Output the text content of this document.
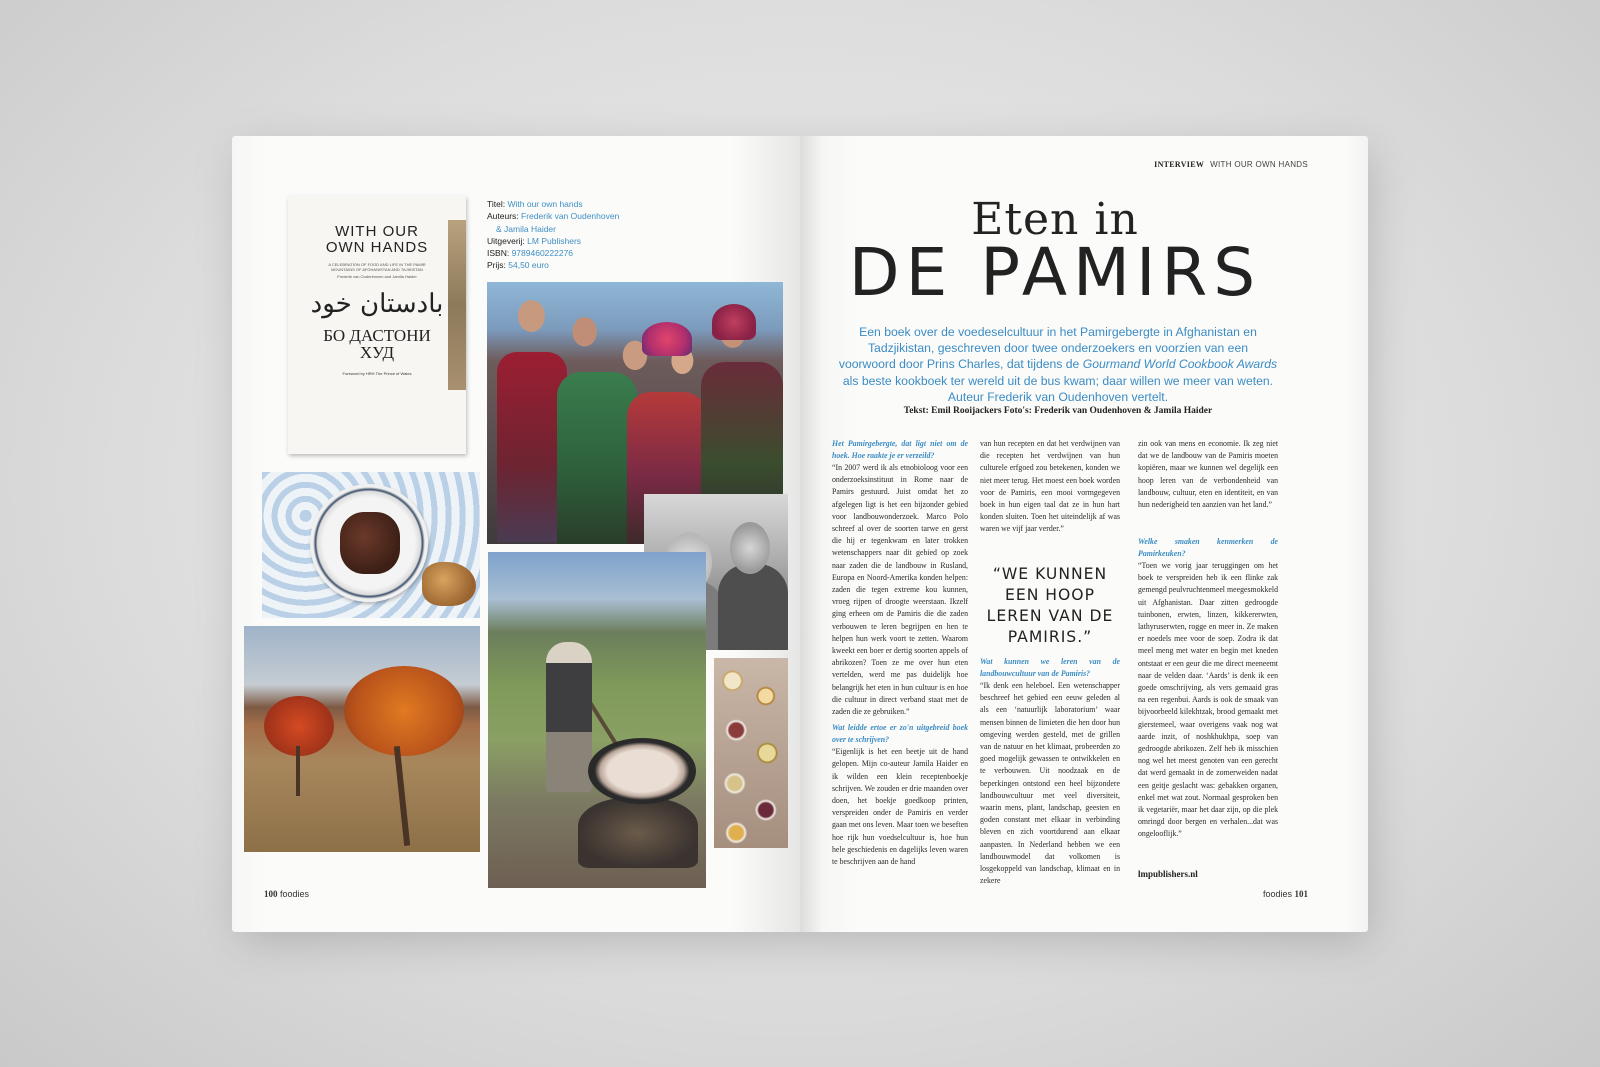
WITH OUR
OWN HANDS
A CELEBRATION OF FOOD AND LIFE IN THE PAMIR MOUNTAINS OF AFGHANISTAN AND TAJIKISTAN
Frederik van Oudenhoven and Jamila Haider
بادستان خود
БО ДАСТОНИ
ХУД
Foreword by HRH The Prince of Wales
Titel: With our own hands
Auteurs: Frederik van Oudenhoven
& Jamila Haider
Uitgeverij: LM Publishers
ISBN: 9789460222276
Prijs: 54,50 euro
100 foodies
INTERVIEW WITH OUR OWN HANDS
Eten in
DE PAMIRS
Een boek over de voedeselcultuur in het Pamirgebergte in Afghanistan en Tadzjikistan, geschreven door twee onderzoekers en voorzien van een voorwoord door Prins Charles, dat tijdens de Gourmand World Cookbook Awards als beste kookboek ter wereld uit de bus kwam; daar willen we meer van weten. Auteur Frederik van Oudenhoven vertelt.
Tekst: Emil Rooijackers Foto's: Frederik van Oudenhoven & Jamila Haider
Het Pamirgebergte, dat ligt niet om de hoek. Hoe raakte je er verzeild?

“In 2007 werd ik als etnobioloog voor een onderzoeksinstituut in Rome naar de Pamirs gestuurd. Juist omdat het zo afgelegen ligt is het een bijzonder gebied voor landbouwonderzoek. Marco Polo schreef al over de soorten tarwe en gerst die hij er tegenkwam en later trokken wetenschappers naar dit gebied op zoek naar zaden die de landbouw in Rusland, Europa en Noord-Amerika konden helpen: zaden die tegen extreme kou kunnen, vroeg rijpen of droogte weerstaan. Ikzelf ging erheen om de Pamiris die die zaden verbouwen te leren begrijpen en hen te helpen hun werk voort te zetten. Waarom kweekt een boer er dertig soorten appels of abrikozen? Toen ze me over hun eten vertelden, werd me pas duidelijk hoe belangrijk het eten in hun cultuur is en hoe die cultuur in direct verband staat met de zaden die ze gebruiken.”

Wat leidde ertoe er zo'n uitgebreid boek over te schrijven?

“Eigenlijk is het een beetje uit de hand gelopen. Mijn co-auteur Jamila Haider en ik wilden een klein receptenboekje schrijven. We zouden er drie maanden over doen, het boekje goedkoop printen, verspreiden onder de Pamiris en verder gaan met ons leven. Maar toen we beseften hoe rijk hun voedselcultuur is, hoe hun hele geschiedenis en dagelijks leven waren te beschrijven aan de hand

van hun recepten en dat het verdwijnen van die recepten het verdwijnen van hun culturele erfgoed zou betekenen, konden we niet meer terug. Het moest een boek worden voor de Pamiris, een mooi vormgegeven boek in hun eigen taal dat ze in hun hart konden sluiten. Toen het uiteindelijk af was waren we vijf jaar verder.”

“WE KUNNEN
EEN HOOP
LEREN VAN DE
PAMIRIS.”
Wat kunnen we leren van de landbouwcultuur van de Pamiris?

“Ik denk een heleboel. Een wetenschapper beschreef het gebied een eeuw geleden al als een ‘natuurlijk laboratorium’ waar mensen binnen de limieten die hen door hun omgeving werden gesteld, met de grillen van de natuur en het klimaat, probeerden zo goed mogelijk gewassen te ontwikkelen en te verbouwen. Uit noodzaak en de beperkingen ontstond een heel bijzondere landbouwcultuur met veel diversiteit, waarin mens, plant, landschap, geesten en goden constant met elkaar in verbinding bleven en zich voortdurend aan elkaar aanpasten. In Nederland hebben we een landbouwmodel dat volkomen is losgekoppeld van landschap, klimaat en in zekere

zin ook van mens en economie. Ik zeg niet dat we de landbouw van de Pamiris moeten kopiëren, maar we kunnen wel degelijk een hoop leren van de verbondenheid van landbouw, cultuur, eten en identiteit, en van hun nederigheid ten aanzien van het land.”

Welke smaken kenmerken de Pamirkeuken?

“Toen we vorig jaar teruggingen om het boek te verspreiden heb ik een flinke zak gemengd peulvruchtenmeel meegesmokkeld uit Afghanistan. Daar zitten gedroogde tuinbonen, erwten, linzen, kikkererwten, lathyruserwten, rogge en meer in. Ze maken er noedels mee voor de soep. Zodra ik dat meel meng met water en begin met kneden ontstaat er een geur die me direct meeneemt naar de velden daar. ‘Aards’ is denk ik een goede omschrijving, als vers gemaaid gras na een regenbui. Aards is ook de smaak van bijvoorbeeld kilekhtzak, brood gemaakt met gierstemeel, waar overigens vaak nog wat aarde inzit, of noshkhukhpa, soep van gedroogde abrikozen. Zelf heb ik misschien nog wel het meest genoten van een gerecht dat werd gemaakt in de zomerweiden nadat een geitje geslacht was: gebakken organen, enkel met wat zout. Normaal gesproken ben ik vegetariër, maar het daar zijn, op die plek omringd door bergen en verhalen...dat was ongelooflijk.”

lmpublishers.nl
foodies 101
